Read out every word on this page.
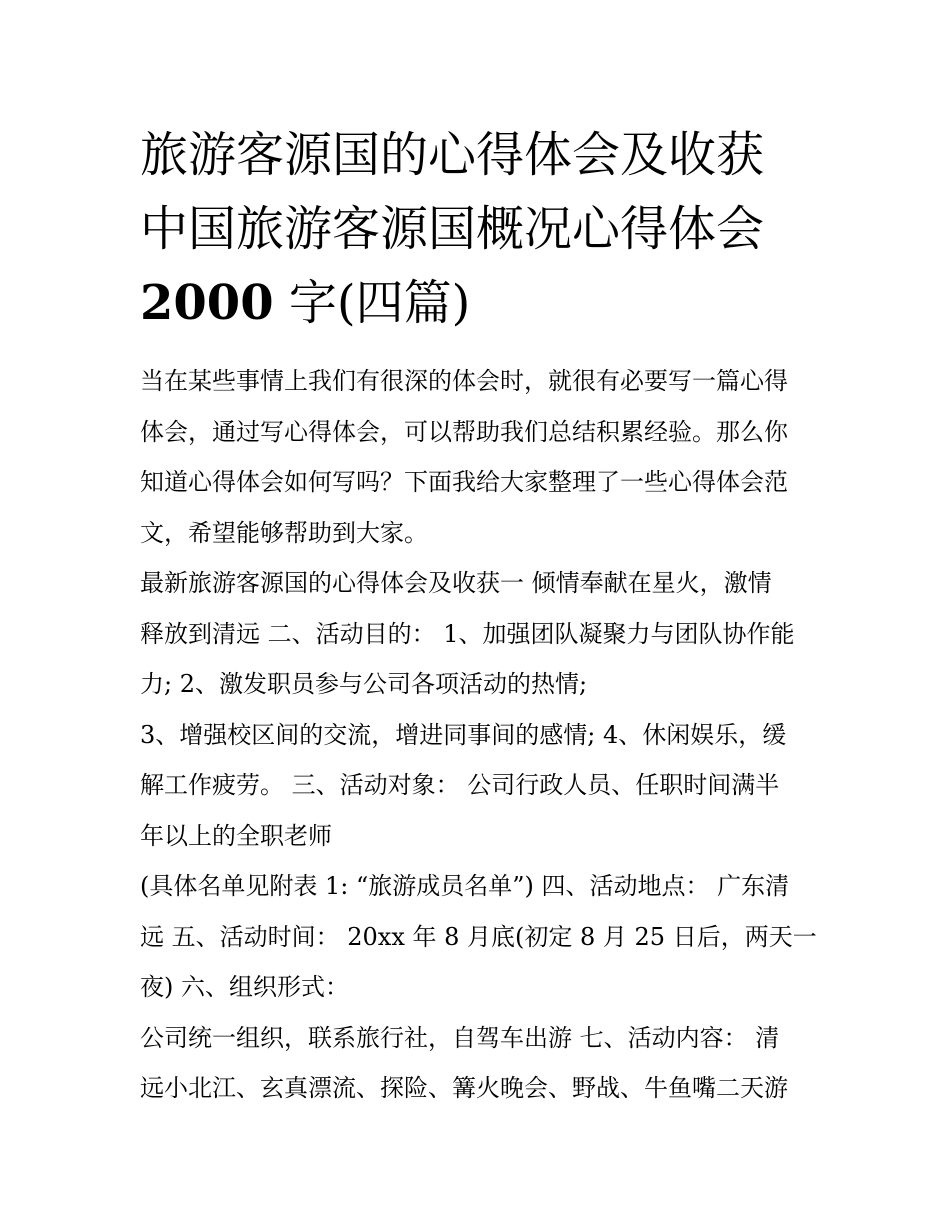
旅游客源国的心得体会及收获
中国旅游客源国概况心得体会
2000 字(四篇)
当在某些事情上我们有很深的体会时，就很有必要写一篇心得
体会，通过写心得体会，可以帮助我们总结积累经验。那么你
知道心得体会如何写吗？下面我给大家整理了一些心得体会范
文，希望能够帮助到大家。
最新旅游客源国的心得体会及收获一 倾情奉献在星火，激情
释放到清远 二、活动目的： 1、加强团队凝聚力与团队协作能
力; 2、激发职员参与公司各项活动的热情;
3、增强校区间的交流，增进同事间的感情; 4、休闲娱乐，缓
解工作疲劳。 三、活动对象： 公司行政人员、任职时间满半
年以上的全职老师
(具体名单见附表 1: “旅游成员名单”) 四、活动地点： 广东清
远 五、活动时间： 20xx 年 8 月底(初定 8 月 25 日后，两天一
夜) 六、组织形式：
公司统一组织，联系旅行社，自驾车出游 七、活动内容： 清
远小北江、玄真漂流、探险、篝火晚会、野战、牛鱼嘴二天游
